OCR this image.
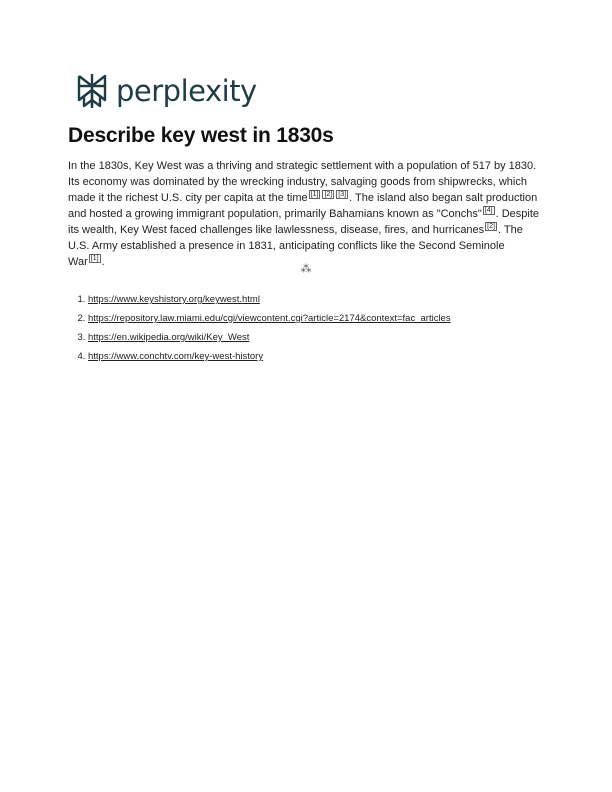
perplexity
Describe key west in 1830s

In the 1830s, Key West was a thriving and strategic settlement with a population of 517 by 1830. Its economy was dominated by the wrecking industry, salvaging goods from shipwrecks, which made it the richest U.S. city per capita at the time [1] [2] [3] . The island also began salt production and hosted a growing immigrant population, primarily Bahamians known as "Conchs" [4] . Despite its wealth, Key West faced challenges like lawlessness, disease, fires, and hurricanes [2] . The U.S. Army established a presence in 1831, anticipating conflicts like the Second Seminole War [1] .

⁂
1. https://www.keyshistory.org/keywest.html
2. https://repository.law.miami.edu/cgi/viewcontent.cgi?article=2174&context=fac_articles
3. https://en.wikipedia.org/wiki/Key_West
4. https://www.conchtv.com/key-west-history
